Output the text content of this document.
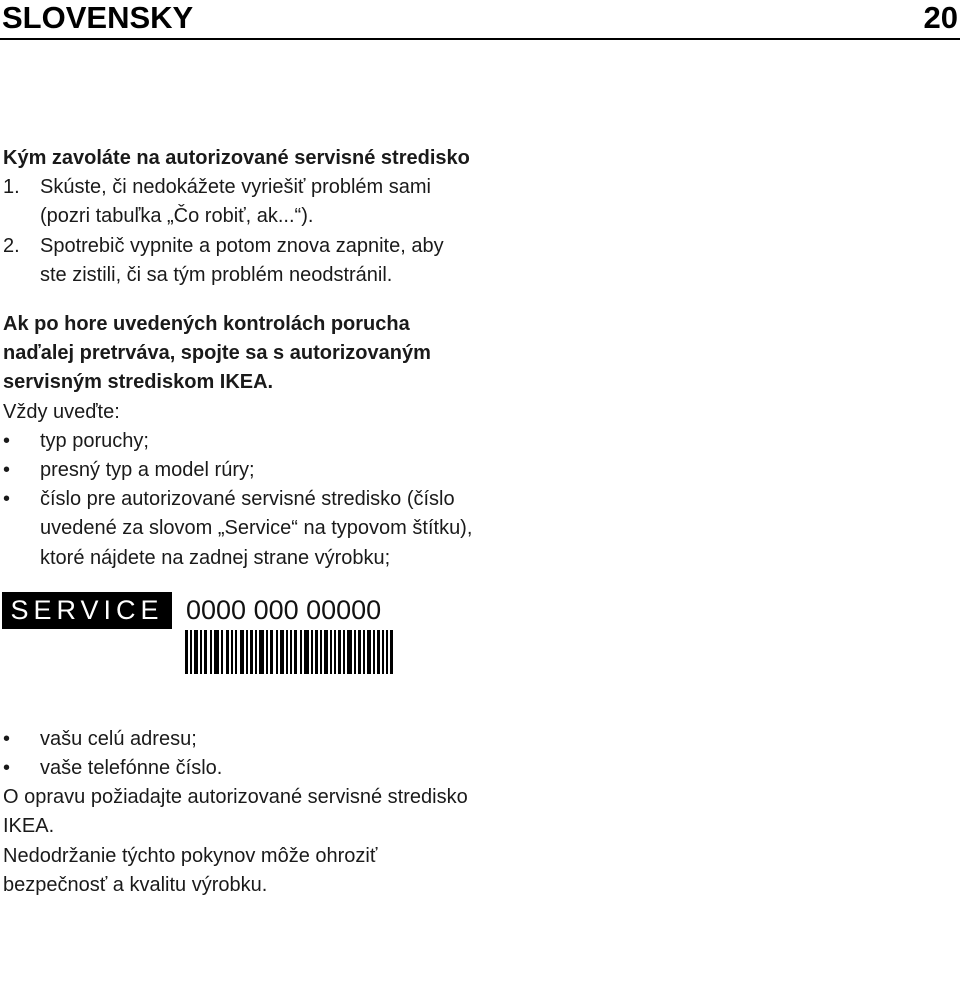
SLOVENSKY	20

Kým zavoláte na autorizované servisné stredisko

1. Skúste, či nedokážete vyriešiť problém sami (pozri tabuľka „Čo robiť, ak...“).
2. Spotrebič vypnite a potom znova zapnite, aby ste zistili, či sa tým problém neodstránil.

Ak po hore uvedených kontrolách porucha naďalej pretrváva, spojte sa s autorizovaným servisným strediskom IKEA.

Vždy uveďte:

• typ poruchy;
• presný typ a model rúry;
• číslo pre autorizované servisné stredisko (číslo uvedené za slovom „Service“ na typovom štítku), ktoré nájdete na zadnej strane výrobku;
SERVICE 0000 000 00000
• vašu celú adresu;
• vaše telefónne číslo.

O opravu požiadajte autorizované servisné stredisko IKEA.

Nedodržanie týchto pokynov môže ohroziť bezpečnosť a kvalitu výrobku.
